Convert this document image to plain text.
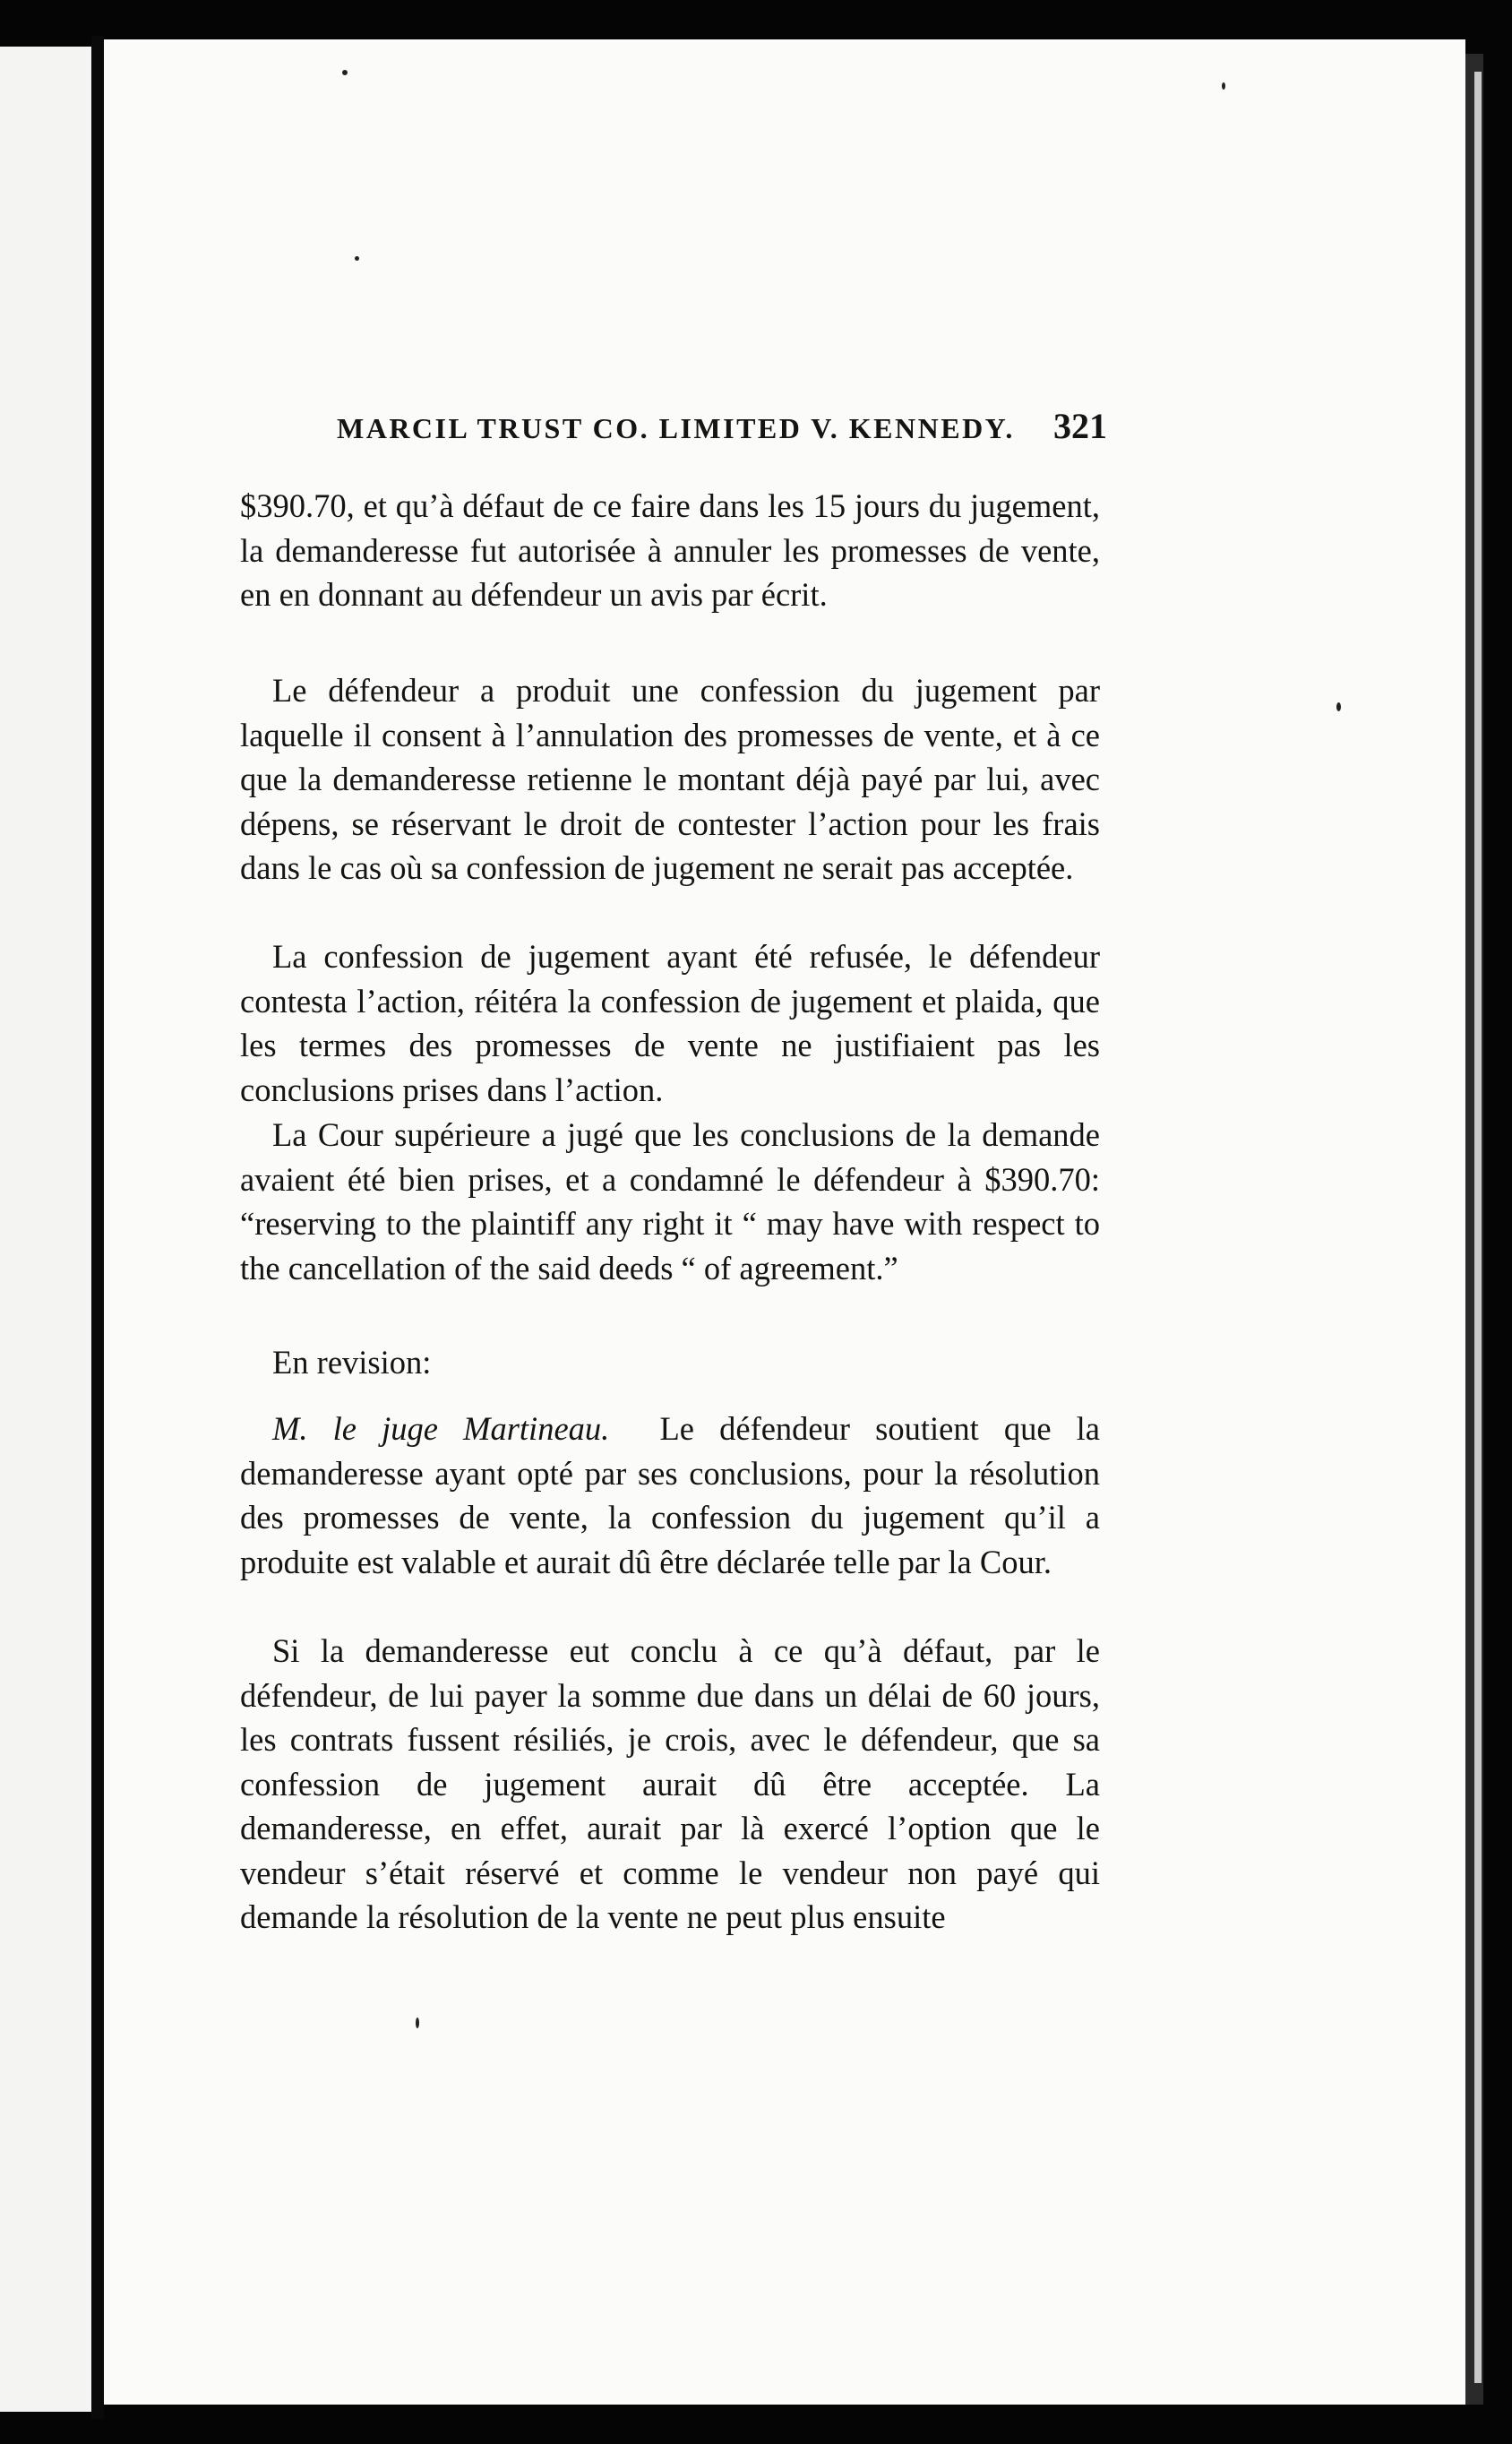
MARCIL TRUST CO. LIMITED V. KENNEDY. 321
$390.70, et qu’à défaut de ce faire dans les 15 jours du jugement, la demanderesse fut autorisée à annuler les promesses de vente, en en donnant au défendeur un avis par écrit.
Le défendeur a produit une confession du jugement par laquelle il consent à l’annulation des promesses de vente, et à ce que la demanderesse retienne le montant déjà payé par lui, avec dépens, se réservant le droit de contester l’action pour les frais dans le cas où sa confession de jugement ne serait pas acceptée.
La confession de jugement ayant été refusée, le défendeur contesta l’action, réitéra la confession de jugement et plaida, que les termes des promesses de vente ne justifiaient pas les conclusions prises dans l’action.
La Cour supérieure a jugé que les conclusions de la demande avaient été bien prises, et a condamné le défendeur à $390.70: “reserving to the plaintiff any right it “ may have with respect to the cancellation of the said deeds “ of agreement.”
En revision:
M. le juge Martineau. Le défendeur soutient que la demanderesse ayant opté par ses conclusions, pour la résolution des promesses de vente, la confession du jugement qu’il a produite est valable et aurait dû être déclarée telle par la Cour.
Si la demanderesse eut conclu à ce qu’à défaut, par le défendeur, de lui payer la somme due dans un délai de 60 jours, les contrats fussent résiliés, je crois, avec le défendeur, que sa confession de jugement aurait dû être acceptée. La demanderesse, en effet, aurait par là exercé l’option que le vendeur s’était réservé et comme le vendeur non payé qui demande la résolution de la vente ne peut plus ensuite
